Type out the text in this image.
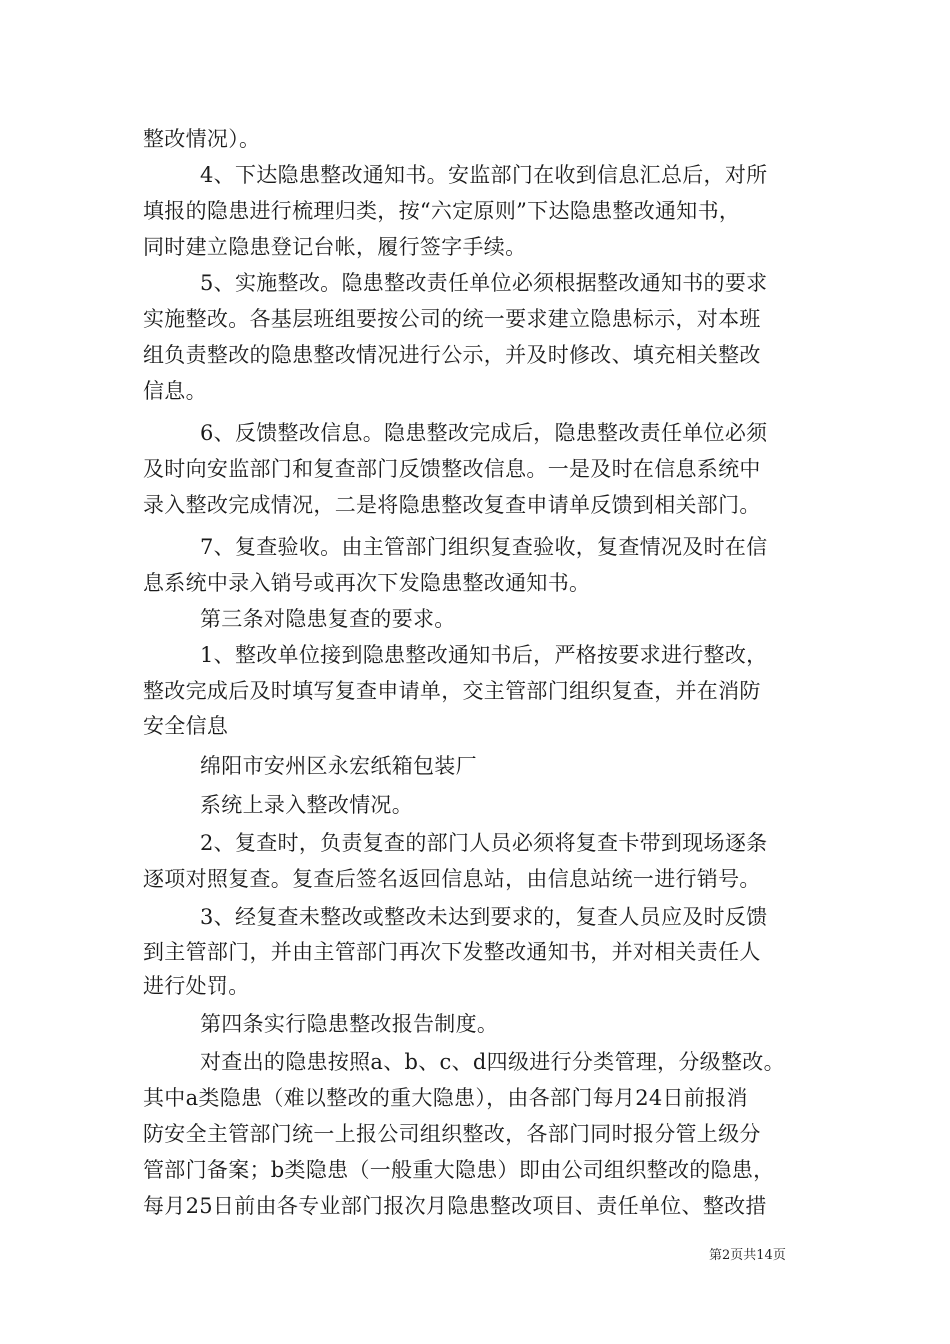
整改情况）。
4、下达隐患整改通知书。安监部门在收到信息汇总后，对所
填报的隐患进行梳理归类，按“六定原则”下达隐患整改通知书，
同时建立隐患登记台帐，履行签字手续。
5、实施整改。隐患整改责任单位必须根据整改通知书的要求
实施整改。各基层班组要按公司的统一要求建立隐患标示，对本班
组负责整改的隐患整改情况进行公示，并及时修改、填充相关整改
信息。
6、反馈整改信息。隐患整改完成后，隐患整改责任单位必须
及时向安监部门和复查部门反馈整改信息。一是及时在信息系统中
录入整改完成情况，二是将隐患整改复查申请单反馈到相关部门。
7、复查验收。由主管部门组织复查验收，复查情况及时在信
息系统中录入销号或再次下发隐患整改通知书。
第三条对隐患复查的要求。
1、整改单位接到隐患整改通知书后，严格按要求进行整改，
整改完成后及时填写复查申请单，交主管部门组织复查，并在消防
安全信息
绵阳市安州区永宏纸箱包装厂
系统上录入整改情况。
2、复查时，负责复查的部门人员必须将复查卡带到现场逐条
逐项对照复查。复查后签名返回信息站，由信息站统一进行销号。
3、经复查未整改或整改未达到要求的，复查人员应及时反馈
到主管部门，并由主管部门再次下发整改通知书，并对相关责任人
进行处罚。
第四条实行隐患整改报告制度。
对查出的隐患按照a、b、c、d四级进行分类管理，分级整改。
其中a类隐患（难以整改的重大隐患），由各部门每月24日前报消
防安全主管部门统一上报公司组织整改，各部门同时报分管上级分
管部门备案；b类隐患（一般重大隐患）即由公司组织整改的隐患，
每月25日前由各专业部门报次月隐患整改项目、责任单位、整改措
第2页共14页
